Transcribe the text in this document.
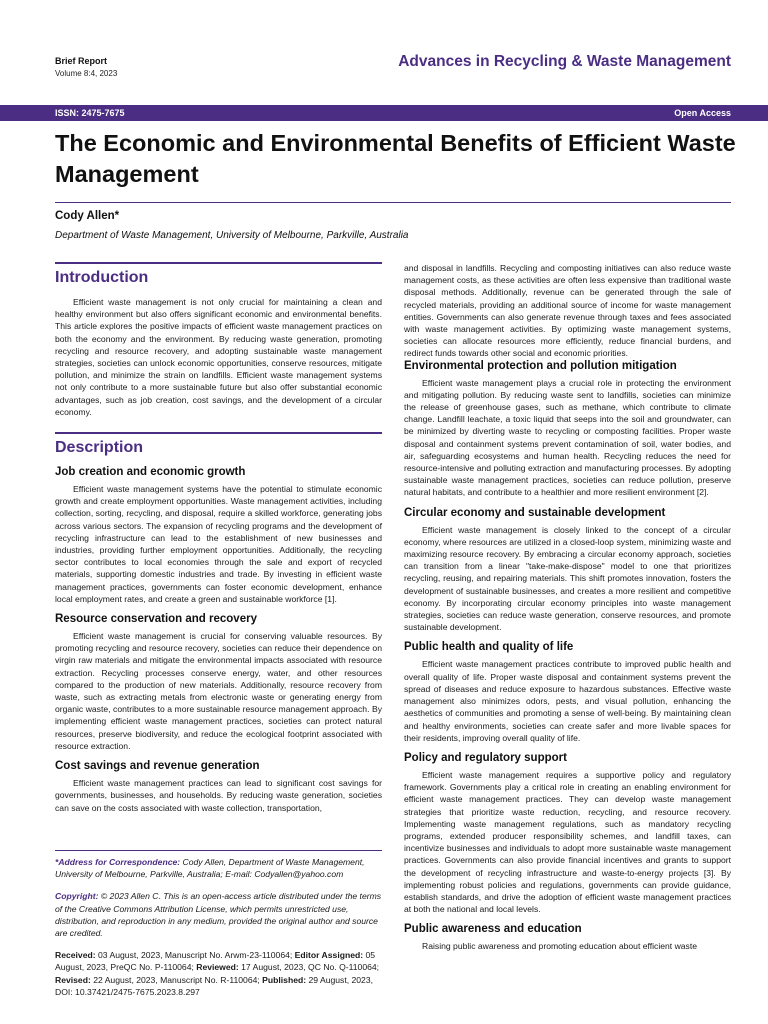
Brief Report
Volume 8:4, 2023
Advances in Recycling & Waste Management
ISSN: 2475-7675	Open Access
The Economic and Environmental Benefits of Efficient Waste Management
Cody Allen*
Department of Waste Management, University of Melbourne, Parkville, Australia
Introduction

Efficient waste management is not only crucial for maintaining a clean and healthy environment but also offers significant economic and environmental benefits. This article explores the positive impacts of efficient waste management practices on both the economy and the environment. By reducing waste generation, promoting recycling and resource recovery, and adopting sustainable waste management strategies, societies can unlock economic opportunities, conserve resources, mitigate pollution, and minimize the strain on landfills. Efficient waste management systems not only contribute to a more sustainable future but also offer substantial economic advantages, such as job creation, cost savings, and the development of a circular economy.

Description
Job creation and economic growth

Efficient waste management systems have the potential to stimulate economic growth and create employment opportunities. Waste management activities, including collection, sorting, recycling, and disposal, require a skilled workforce, generating jobs across various sectors. The expansion of recycling programs and the development of recycling infrastructure can lead to the establishment of new businesses and industries, providing further employment opportunities. Additionally, the recycling sector contributes to local economies through the sale and export of recycled materials, supporting domestic industries and trade. By investing in efficient waste management practices, governments can foster economic development, enhance local employment rates, and create a green and sustainable workforce [1].

Resource conservation and recovery

Efficient waste management is crucial for conserving valuable resources. By promoting recycling and resource recovery, societies can reduce their dependence on virgin raw materials and mitigate the environmental impacts associated with resource extraction. Recycling processes conserve energy, water, and other resources compared to the production of new materials. Additionally, resource recovery from waste, such as extracting metals from electronic waste or generating energy from organic waste, contributes to a more sustainable resource management approach. By implementing efficient waste management practices, societies can protect natural resources, preserve biodiversity, and reduce the ecological footprint associated with resource extraction.

Cost savings and revenue generation

Efficient waste management practices can lead to significant cost savings for governments, businesses, and households. By reducing waste generation, societies can save on the costs associated with waste collection, transportation,

*Address for Correspondence: Cody Allen, Department of Waste Management, University of Melbourne, Parkville, Australia; E-mail: Codyallen@yahoo.com

Copyright: © 2023 Allen C. This is an open-access article distributed under the terms of the Creative Commons Attribution License, which permits unrestricted use, distribution, and reproduction in any medium, provided the original author and source are credited.

Received: 03 August, 2023, Manuscript No. Arwm-23-110064; Editor Assigned: 05 August, 2023, PreQC No. P-110064; Reviewed: 17 August, 2023, QC No. Q-110064; Revised: 22 August, 2023, Manuscript No. R-110064; Published: 29 August, 2023, DOI: 10.37421/2475-7675.2023.8.297

and disposal in landfills. Recycling and composting initiatives can also reduce waste management costs, as these activities are often less expensive than traditional waste disposal methods. Additionally, revenue can be generated through the sale of recycled materials, providing an additional source of income for waste management entities. Governments can also generate revenue through taxes and fees associated with waste management activities. By optimizing waste management systems, societies can allocate resources more efficiently, reduce financial burdens, and redirect funds towards other social and economic priorities.

Environmental protection and pollution mitigation

Efficient waste management plays a crucial role in protecting the environment and mitigating pollution. By reducing waste sent to landfills, societies can minimize the release of greenhouse gases, such as methane, which contribute to climate change. Landfill leachate, a toxic liquid that seeps into the soil and groundwater, can be minimized by diverting waste to recycling or composting facilities. Proper waste disposal and containment systems prevent contamination of soil, water bodies, and air, safeguarding ecosystems and human health. Recycling reduces the need for resource-intensive and polluting extraction and manufacturing processes. By adopting sustainable waste management practices, societies can reduce pollution, preserve natural habitats, and contribute to a healthier and more resilient environment [2].

Circular economy and sustainable development

Efficient waste management is closely linked to the concept of a circular economy, where resources are utilized in a closed-loop system, minimizing waste and maximizing resource recovery. By embracing a circular economy approach, societies can transition from a linear "take-make-dispose" model to one that prioritizes recycling, reusing, and repairing materials. This shift promotes innovation, fosters the development of sustainable businesses, and creates a more resilient and competitive economy. By incorporating circular economy principles into waste management strategies, societies can reduce waste generation, conserve resources, and promote sustainable development.

Public health and quality of life

Efficient waste management practices contribute to improved public health and overall quality of life. Proper waste disposal and containment systems prevent the spread of diseases and reduce exposure to hazardous substances. Effective waste management also minimizes odors, pests, and visual pollution, enhancing the aesthetics of communities and promoting a sense of well-being. By maintaining clean and healthy environments, societies can create safer and more livable spaces for their residents, improving overall quality of life.

Policy and regulatory support

Efficient waste management requires a supportive policy and regulatory framework. Governments play a critical role in creating an enabling environment for efficient waste management practices. They can develop waste management strategies that prioritize waste reduction, recycling, and resource recovery. Implementing waste management regulations, such as mandatory recycling programs, extended producer responsibility schemes, and landfill taxes, can incentivize businesses and individuals to adopt more sustainable waste management practices. Governments can also provide financial incentives and grants to support the development of recycling infrastructure and waste-to-energy projects [3]. By implementing robust policies and regulations, governments can provide guidance, establish standards, and drive the adoption of efficient waste management practices at both the national and local levels.

Public awareness and education

Raising public awareness and promoting education about efficient waste
